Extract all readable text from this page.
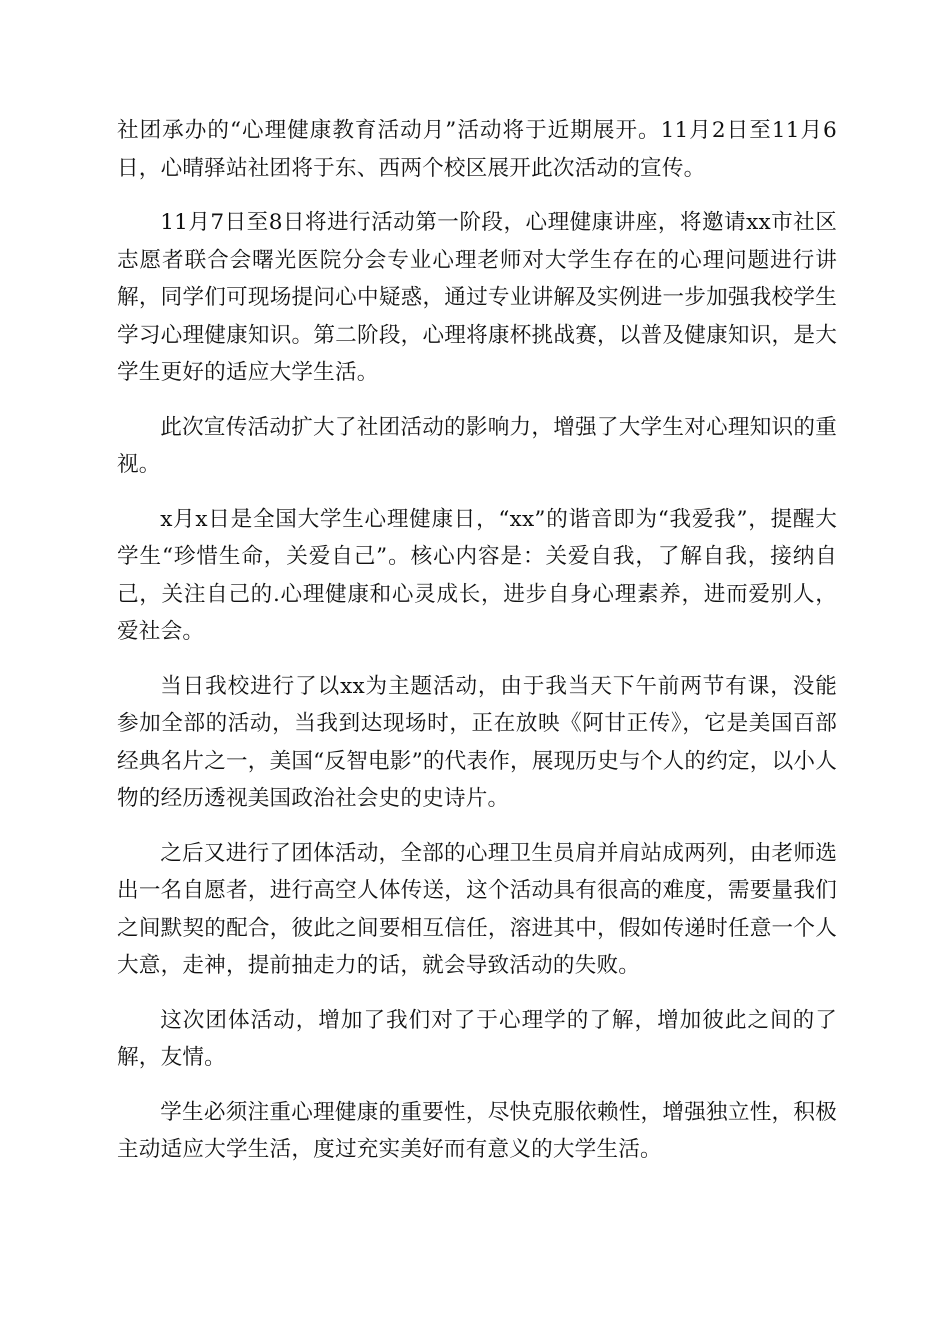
社团承办的“心理健康教育活动月”活动将于近期展开。11月2日至11月6日，心晴驿站社团将于东、西两个校区展开此次活动的宣传。

11月7日至8日将进行活动第一阶段，心理健康讲座，将邀请xx市社区志愿者联合会曙光医院分会专业心理老师对大学生存在的心理问题进行讲解，同学们可现场提问心中疑惑，通过专业讲解及实例进一步加强我校学生学习心理健康知识。第二阶段，心理将康杯挑战赛，以普及健康知识，是大学生更好的适应大学生活。

此次宣传活动扩大了社团活动的影响力，增强了大学生对心理知识的重视。

x月x日是全国大学生心理健康日，“xx”的谐音即为“我爱我”，提醒大学生“珍惜生命，关爱自己”。核心内容是：关爱自我，了解自我，接纳自己，关注自己的.心理健康和心灵成长，进步自身心理素养，进而爱别人，爱社会。

当日我校进行了以xx为主题活动，由于我当天下午前两节有课，没能参加全部的活动，当我到达现场时，正在放映《阿甘正传》，它是美国百部经典名片之一，美国“反智电影”的代表作，展现历史与个人的约定，以小人物的经历透视美国政治社会史的史诗片。

之后又进行了团体活动，全部的心理卫生员肩并肩站成两列，由老师选出一名自愿者，进行高空人体传送，这个活动具有很高的难度，需要量我们之间默契的配合，彼此之间要相互信任，溶进其中，假如传递时任意一个人大意，走神，提前抽走力的话，就会导致活动的失败。

这次团体活动，增加了我们对了于心理学的了解，增加彼此之间的了解，友情。

学生必须注重心理健康的重要性，尽快克服依赖性，增强独立性，积极主动适应大学生活，度过充实美好而有意义的大学生活。
